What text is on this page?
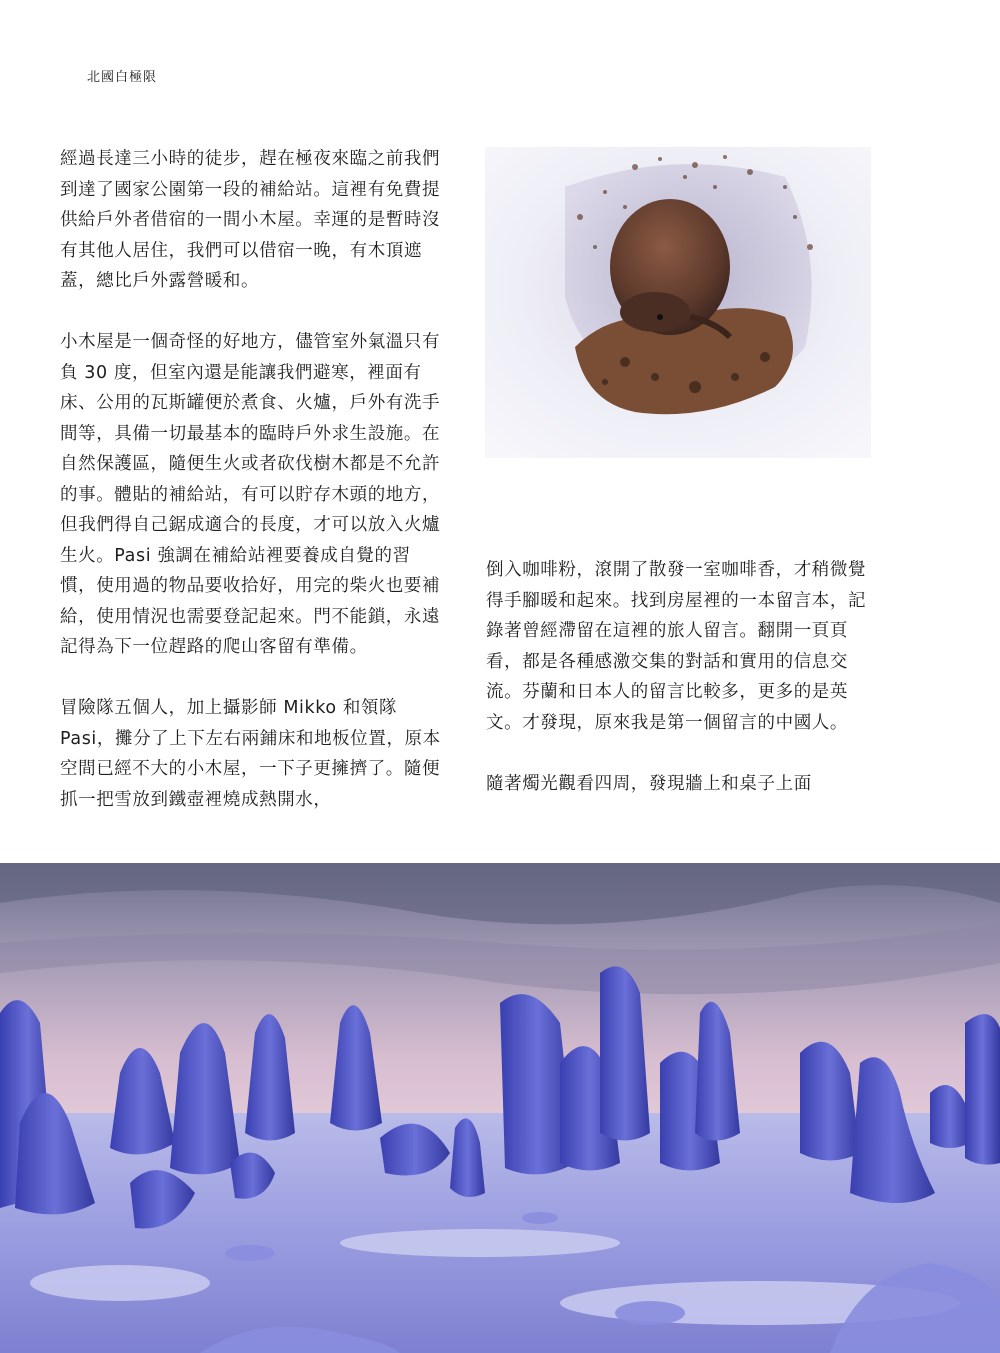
北國白極限

經過長達三小時的徒步，趕在極夜來臨之前我們到達了國家公園第一段的補給站。這裡有免費提供給戶外者借宿的一間小木屋。幸運的是暫時沒有其他人居住，我們可以借宿一晚，有木頂遮蓋，總比戶外露營暖和。

小木屋是一個奇怪的好地方，儘管室外氣溫只有負 30 度，但室內還是能讓我們避寒，裡面有床、公用的瓦斯罐便於煮食、火爐，戶外有洗手間等，具備一切最基本的臨時戶外求生設施。在自然保護區，隨便生火或者砍伐樹木都是不允許的事。體貼的補給站，有可以貯存木頭的地方，但我們得自己鋸成適合的長度，才可以放入火爐生火。Pasi 強調在補給站裡要養成自覺的習慣，使用過的物品要收拾好，用完的柴火也要補給，使用情況也需要登記起來。門不能鎖，永遠記得為下一位趕路的爬山客留有準備。

冒險隊五個人，加上攝影師 Mikko 和領隊 Pasi，攤分了上下左右兩鋪床和地板位置，原本空間已經不大的小木屋，一下子更擁擠了。隨便抓一把雪放到鐵壺裡燒成熱開水，

倒入咖啡粉，滾開了散發一室咖啡香，才稍微覺得手腳暖和起來。找到房屋裡的一本留言本，記錄著曾經滯留在這裡的旅人留言。翻開一頁頁看，都是各種感激交集的對話和實用的信息交流。芬蘭和日本人的留言比較多，更多的是英文。才發現，原來我是第一個留言的中國人。

隨著燭光觀看四周，發現牆上和桌子上面
